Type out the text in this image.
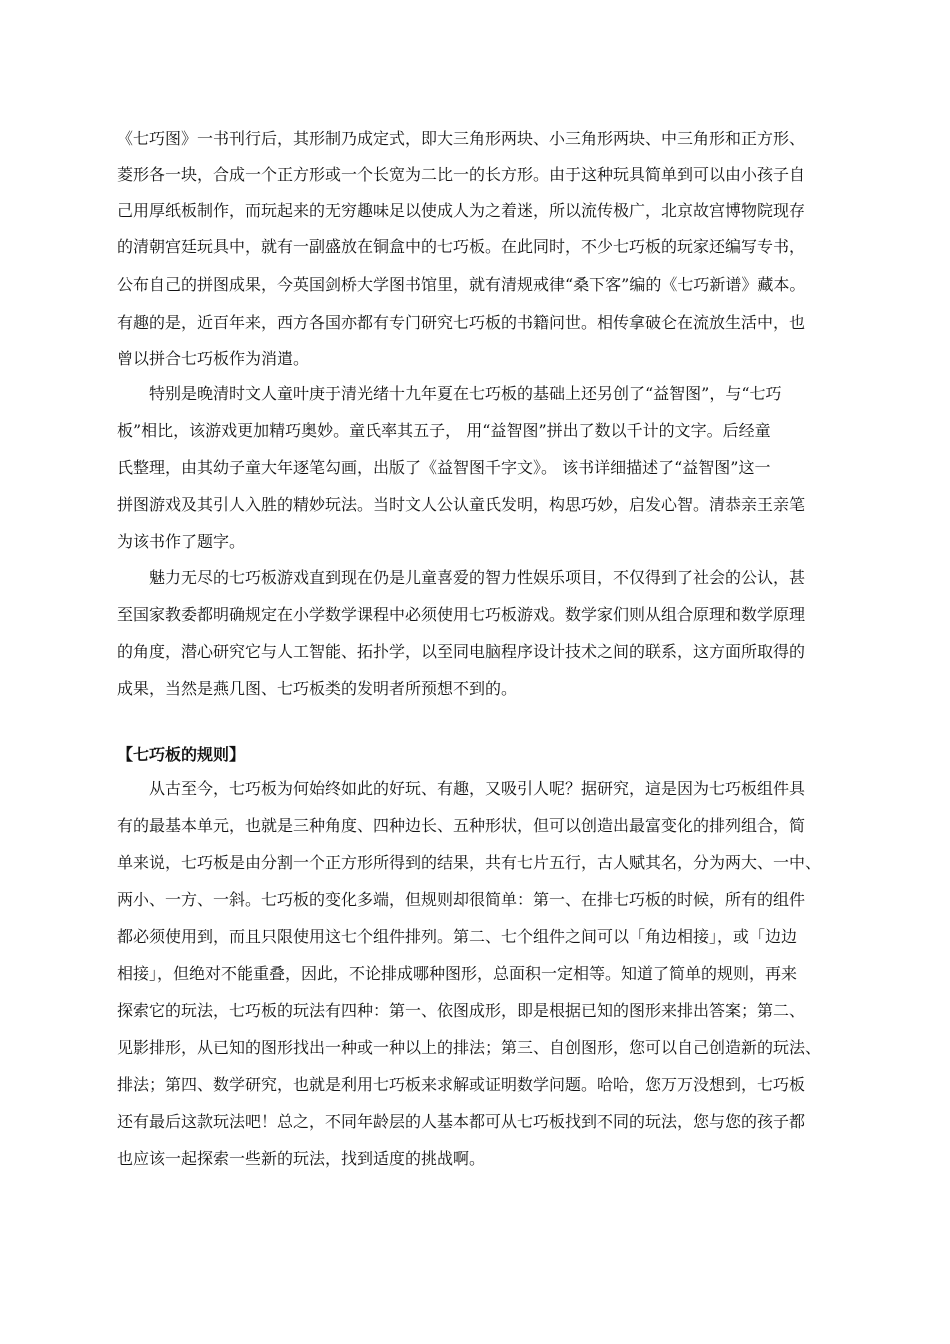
《七巧图》一书刊行后，其形制乃成定式，即大三角形两块、小三角形两块、中三角形和正方形、

菱形各一块，合成一个正方形或一个长宽为二比一的长方形。由于这种玩具简单到可以由小孩子自

己用厚纸板制作，而玩起来的无穷趣味足以使成人为之着迷，所以流传极广，北京故宫博物院现存

的清朝宫廷玩具中，就有一副盛放在铜盒中的七巧板。在此同时，不少七巧板的玩家还编写专书，

公布自己的拼图成果，今英国剑桥大学图书馆里，就有清规戒律“桑下客”编的《七巧新谱》藏本。

有趣的是，近百年来，西方各国亦都有专门研究七巧板的书籍问世。相传拿破仑在流放生活中，也

曾以拼合七巧板作为消遣。

特别是晚清时文人童叶庚于清光绪十九年夏在七巧板的基础上还另创了“益智图”，与“七巧

板”相比，该游戏更加精巧奥妙。童氏率其五子， 用“益智图”拼出了数以千计的文字。后经童

氏整理，由其幼子童大年逐笔勾画，出版了《益智图千字文》。 该书详细描述了“益智图”这一

拼图游戏及其引人入胜的精妙玩法。当时文人公认童氏发明，构思巧妙，启发心智。清恭亲王亲笔

为该书作了题字。

魅力无尽的七巧板游戏直到现在仍是儿童喜爱的智力性娱乐项目，不仅得到了社会的公认，甚

至国家教委都明确规定在小学数学课程中必须使用七巧板游戏。数学家们则从组合原理和数学原理

的角度，潜心研究它与人工智能、拓扑学，以至同电脑程序设计技术之间的联系，这方面所取得的

成果，当然是燕几图、七巧板类的发明者所预想不到的。

【七巧板的规则】

从古至今，七巧板为何始终如此的好玩、有趣，又吸引人呢？据研究，這是因为七巧板组件具

有的最基本单元，也就是三种角度、四种边长、五种形状，但可以创造出最富变化的排列组合，简

单来说，七巧板是由分割一个正方形所得到的结果，共有七片五行，古人赋其名，分为两大、一中、

两小、一方、一斜。七巧板的变化多端，但规则却很简单：第一、在排七巧板的时候，所有的组件

都必须使用到，而且只限使用这七个组件排列。第二、七个组件之间可以「角边相接」，或「边边

相接」，但绝对不能重叠，因此，不论排成哪种图形，总面积一定相等。知道了简单的规则，再来

探索它的玩法，七巧板的玩法有四种：第一、依图成形，即是根据已知的图形来排出答案；第二、

见影排形，从已知的图形找出一种或一种以上的排法；第三、自创图形，您可以自己创造新的玩法、

排法；第四、数学研究，也就是利用七巧板来求解或证明数学问题。哈哈，您万万没想到，七巧板

还有最后这款玩法吧！总之，不同年龄层的人基本都可从七巧板找到不同的玩法，您与您的孩子都

也应该一起探索一些新的玩法，找到适度的挑战啊。
